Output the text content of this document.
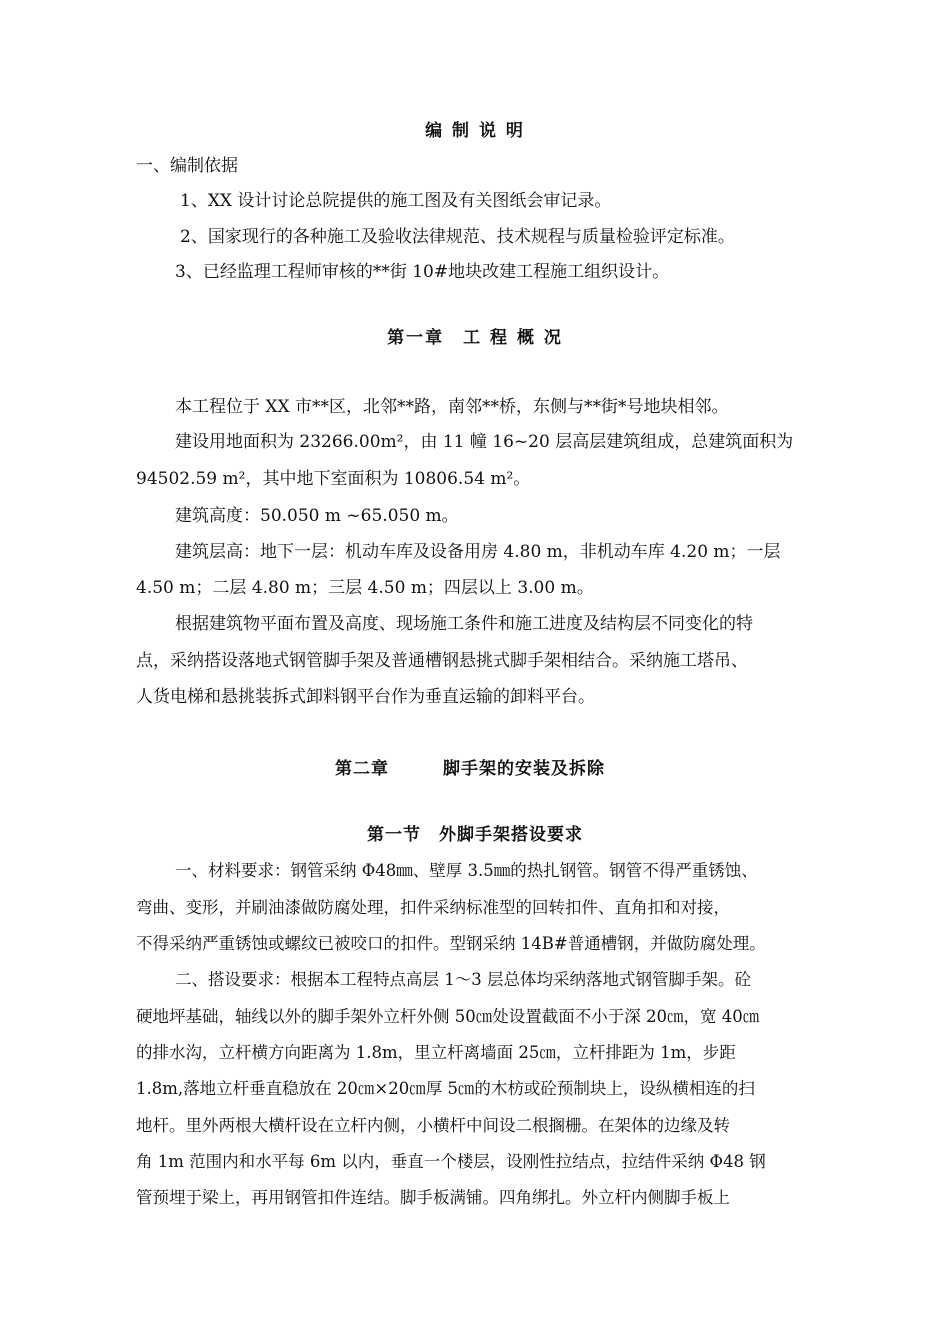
编 制 说 明
一、编制依据
1、XX 设计讨论总院提供的施工图及有关图纸会审记录。
2、国家现行的各种施工及验收法律规范、技术规程与质量检验评定标准。
3、已经监理工程师审核的**街 10#地块改建工程施工组织设计。
第一章　工 程 概 况
本工程位于 XX 市**区，北邻**路，南邻**桥，东侧与**街*号地块相邻。
建设用地面积为 23266.00m²，由 11 幢 16~20 层高层建筑组成，总建筑面积为
94502.59 m²，其中地下室面积为 10806.54 m²。
建筑高度：50.050 m ~65.050 m。
建筑层高：地下一层：机动车库及设备用房 4.80 m，非机动车库 4.20 m；一层
4.50 m；二层 4.80 m；三层 4.50 m；四层以上 3.00 m。
根据建筑物平面布置及高度、现场施工条件和施工进度及结构层不同变化的特
点，采纳搭设落地式钢管脚手架及普通槽钢悬挑式脚手架相结合。采纳施工塔吊、
人货电梯和悬挑装拆式卸料钢平台作为垂直运输的卸料平台。
第二章　　　脚手架的安装及拆除
第一节　外脚手架搭设要求
一、材料要求：钢管采纳 Φ48㎜、壁厚 3.5㎜的热扎钢管。钢管不得严重锈蚀、
弯曲、变形，并刷油漆做防腐处理，扣件采纳标准型的回转扣件、直角扣和对接，
不得采纳严重锈蚀或螺纹已被咬口的扣件。型钢采纳 14B#普通槽钢，并做防腐处理。
二、搭设要求：根据本工程特点高层 1～3 层总体均采纳落地式钢管脚手架。砼
硬地坪基础，轴线以外的脚手架外立杆外侧 50㎝处设置截面不小于深 20㎝，宽 40㎝
的排水沟，立杆横方向距离为 1.8m，里立杆离墙面 25㎝，立杆排距为 1m，步距
1.8m,落地立杆垂直稳放在 20㎝×20㎝厚 5㎝的木枋或砼预制块上，设纵横相连的扫
地杆。里外两根大横杆设在立杆内侧，小横杆中间设二根搁栅。在架体的边缘及转
角 1m 范围内和水平每 6m 以内，垂直一个楼层，设刚性拉结点，拉结件采纳 Φ48 钢
管预埋于梁上，再用钢管扣件连结。脚手板满铺。四角绑扎。外立杆内侧脚手板上
